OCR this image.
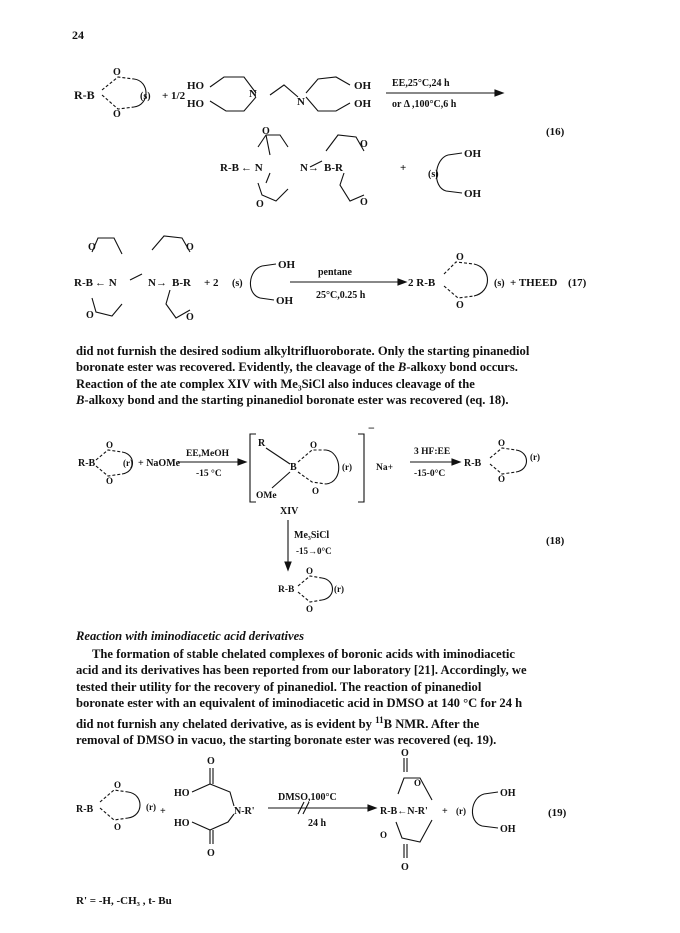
24
R-B
O
O
(s) + 1/2
HO
HO
N
N
OH
OH
EE,25°C,24 h
or Δ ,100°C,6 h
(16)
R-B ← N	N→ B-R
O
O
O	O
+
(s)
OH
OH
O	O
O	O
R-B ← N	N→ B-R + 2 (s)
OH
OH
pentane
25°C,0.25 h
2 R-B
O
O
(s) + THEED (17)
did not furnish the desired sodium alkyltrifluoroborate. Only the starting pinanediol
boronate ester was recovered. Evidently, the cleavage of the B-alkoxy bond occurs.
Reaction of the ate complex XIV with Me₃SiCl also induces cleavage of the
B-alkoxy bond and the starting pinanediol boronate ester was recovered (eq. 18).
R-B
O
O
(r) + NaOMe
EE,MeOH
-15 °C
R
B
O
O
OMe
(r)
−
Na+
3 HF:EE
-15-0°C
R-B
O
O
(r)
XIV
Me₃SiCl
-15→0°C
(18)
R-B
O
O
(r)
Reaction with iminodiacetic acid derivatives
The formation of stable chelated complexes of boronic acids with iminodiacetic
acid and its derivatives has been reported from our laboratory [21]. Accordingly, we
tested their utility for the recovery of pinanediol. The reaction of pinanediol
boronate ester with an equivalent of iminodiacetic acid in DMSO at 140 °C for 24 h
did not furnish any chelated derivative, as is evident by $^{11}$B NMR. After the
removal of DMSO in vacuo, the starting boronate ester was recovered (eq. 19).
O
O
R-B
O
O
(r) +
HO
HO
N-R'
DMSO,100°C
24 h
O
O
O
O
R-B←N-R' + (r)
OH
OH
(19)
R' = -H, -CH₃ , t- Bu
